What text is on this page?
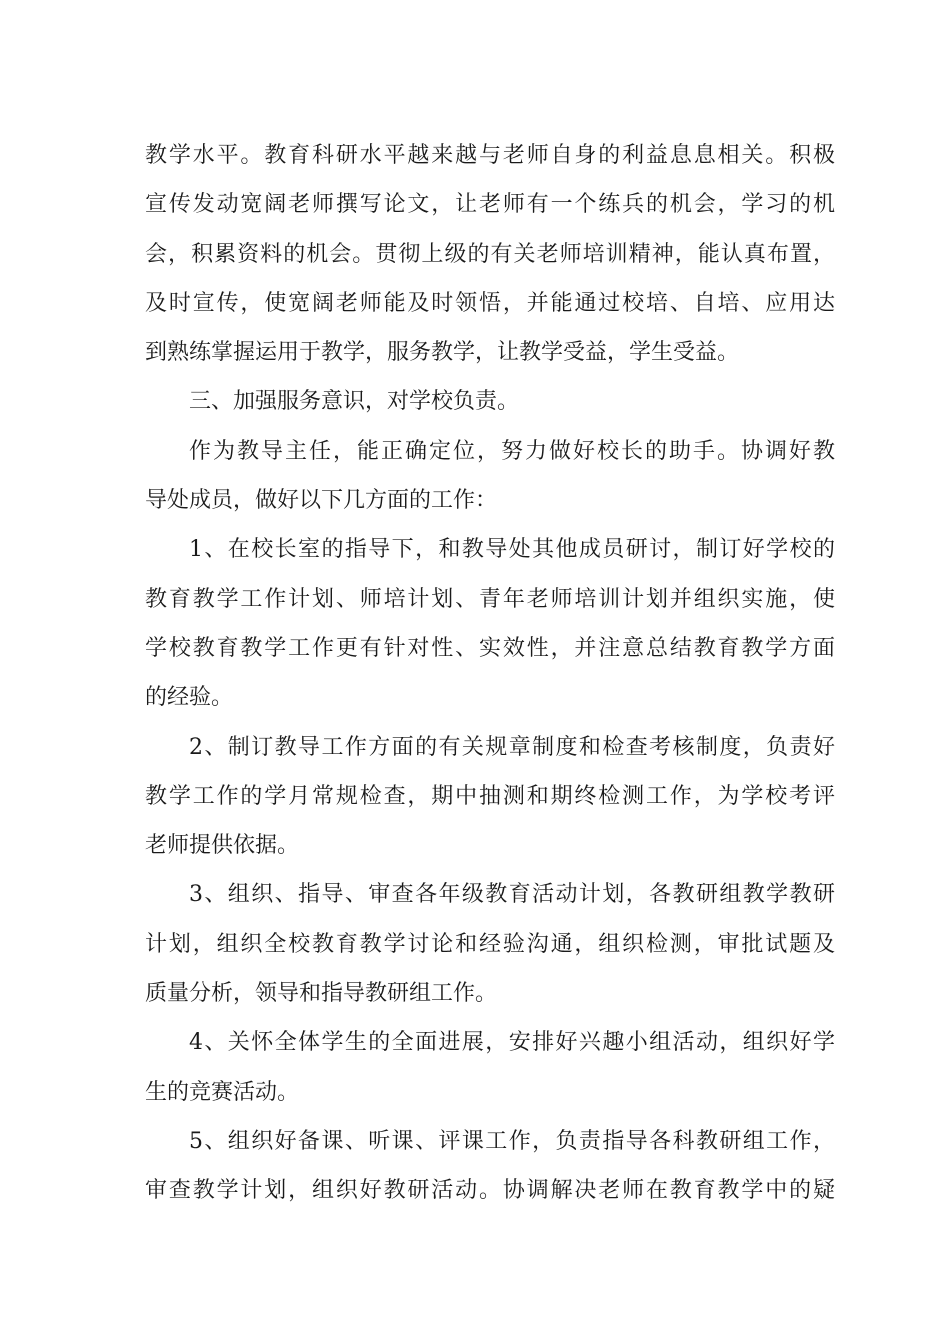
教学水平。教育科研水平越来越与老师自身的利益息息相关。积极
宣传发动宽阔老师撰写论文，让老师有一个练兵的机会，学习的机
会，积累资料的机会。贯彻上级的有关老师培训精神，能认真布置，
及时宣传，使宽阔老师能及时领悟，并能通过校培、自培、应用达
到熟练掌握运用于教学，服务教学，让教学受益，学生受益。
三、加强服务意识，对学校负责。
作为教导主任，能正确定位，努力做好校长的助手。协调好教
导处成员，做好以下几方面的工作：
1、在校长室的指导下，和教导处其他成员研讨，制订好学校的
教育教学工作计划、师培计划、青年老师培训计划并组织实施，使
学校教育教学工作更有针对性、实效性，并注意总结教育教学方面
的经验。
2、制订教导工作方面的有关规章制度和检查考核制度，负责好
教学工作的学月常规检查，期中抽测和期终检测工作，为学校考评
老师提供依据。
3、组织、指导、审查各年级教育活动计划，各教研组教学教研
计划，组织全校教育教学讨论和经验沟通，组织检测，审批试题及
质量分析，领导和指导教研组工作。
4、关怀全体学生的全面进展，安排好兴趣小组活动，组织好学
生的竞赛活动。
5、组织好备课、听课、评课工作，负责指导各科教研组工作，
审查教学计划，组织好教研活动。协调解决老师在教育教学中的疑
